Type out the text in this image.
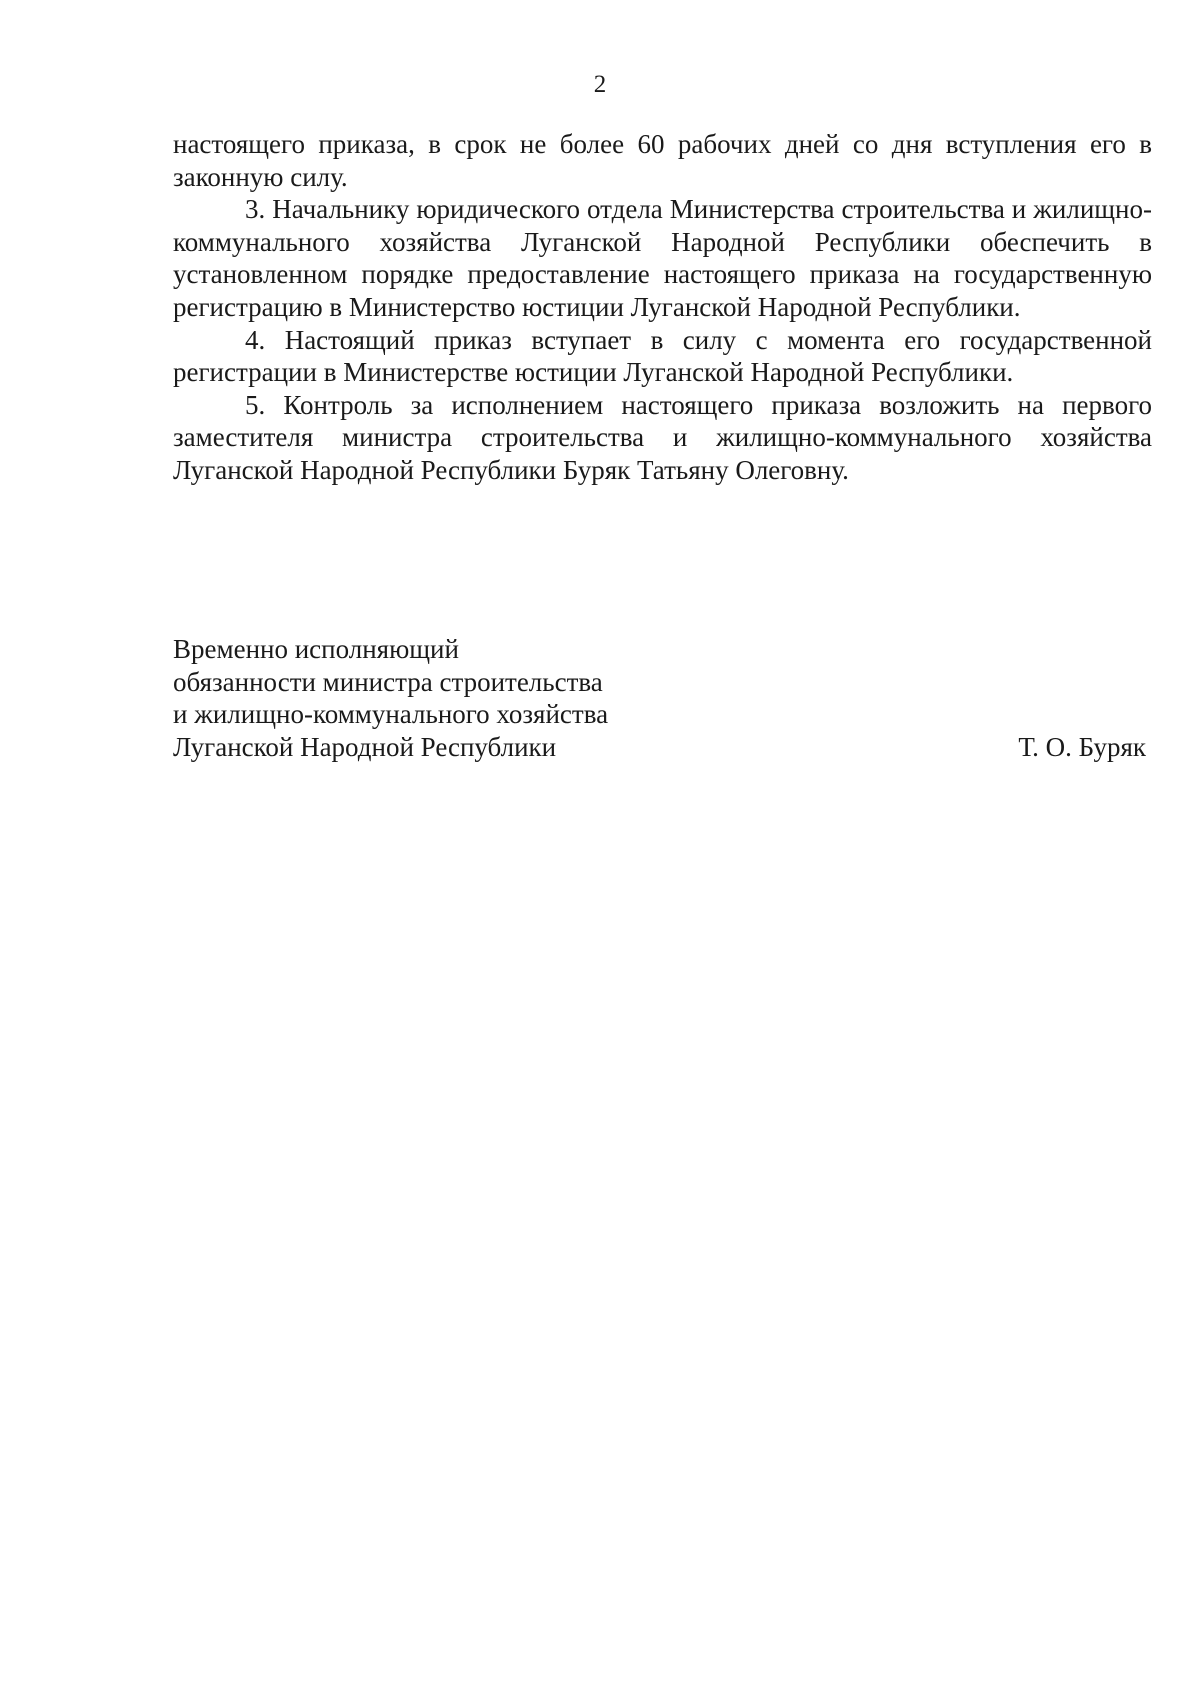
2

настоящего приказа, в срок не более 60 рабочих дней со дня вступления его в законную силу.

3. Начальнику юридического отдела Министерства строительства и жилищно-коммунального хозяйства Луганской Народной Республики обеспечить в установленном порядке предоставление настоящего приказа на государственную регистрацию в Министерство юстиции Луганской Народной Республики.

4. Настоящий приказ вступает в силу с момента его государственной регистрации в Министерстве юстиции Луганской Народной Республики.

5. Контроль за исполнением настоящего приказа возложить на первого заместителя министра строительства и жилищно-коммунального хозяйства Луганской Народной Республики Буряк Татьяну Олеговну.

Временно исполняющий
обязанности министра строительства
и жилищно-коммунального хозяйства
Луганской Народной Республики	Т. О. Буряк
